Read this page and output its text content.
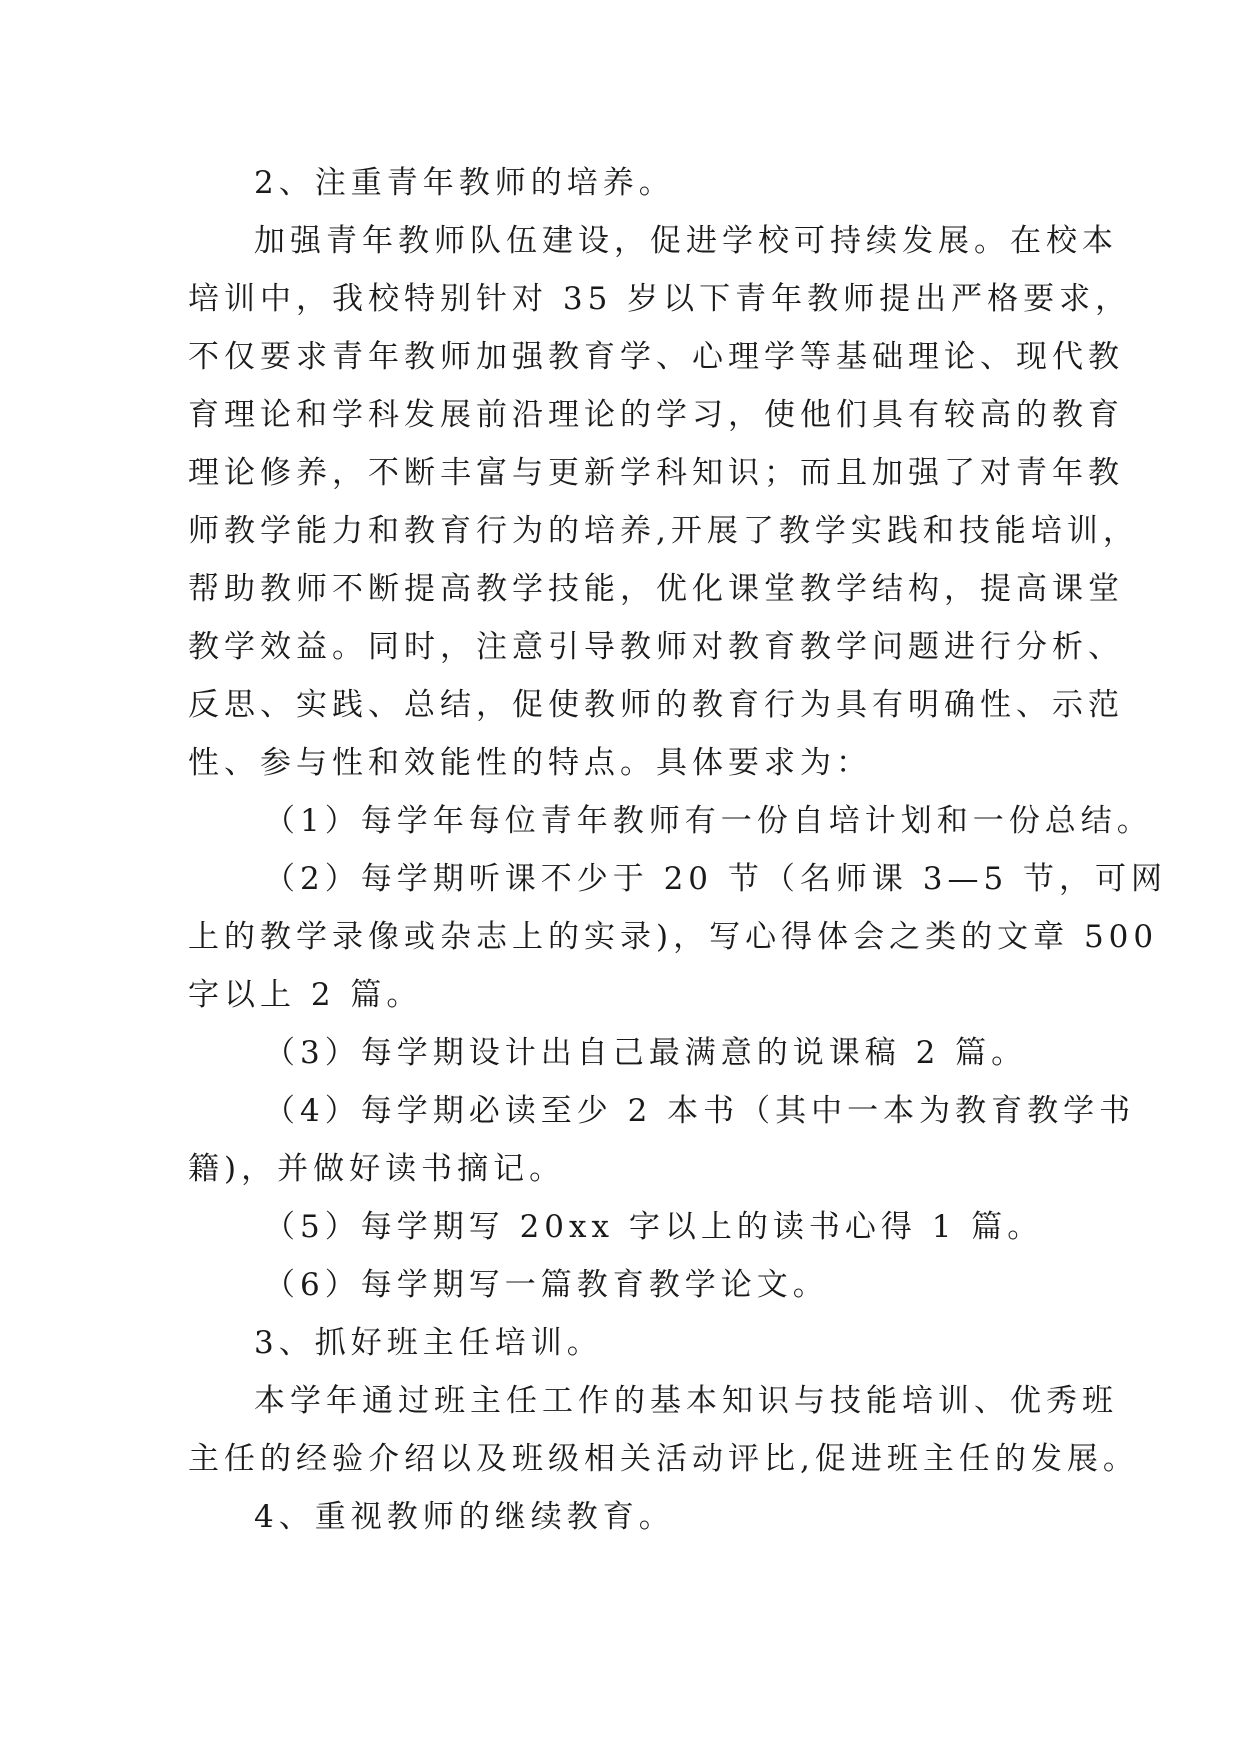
2、注重青年教师的培养。
加强青年教师队伍建设，促进学校可持续发展。在校本
培训中，我校特别针对 35 岁以下青年教师提出严格要求，
不仅要求青年教师加强教育学、心理学等基础理论、现代教
育理论和学科发展前沿理论的学习，使他们具有较高的教育
理论修养，不断丰富与更新学科知识；而且加强了对青年教
师教学能力和教育行为的培养,开展了教学实践和技能培训，
帮助教师不断提高教学技能，优化课堂教学结构，提高课堂
教学效益。同时，注意引导教师对教育教学问题进行分析、
反思、实践、总结，促使教师的教育行为具有明确性、示范
性、参与性和效能性的特点。具体要求为：
（1）每学年每位青年教师有一份自培计划和一份总结。
（2）每学期听课不少于 20 节（名师课 3—5 节，可网
上的教学录像或杂志上的实录)，写心得体会之类的文章 500
字以上 2 篇。
（3）每学期设计出自己最满意的说课稿 2 篇。
（4）每学期必读至少 2 本书（其中一本为教育教学书
籍)，并做好读书摘记。
（5）每学期写 20xx 字以上的读书心得 1 篇。
（6）每学期写一篇教育教学论文。
3、抓好班主任培训。
本学年通过班主任工作的基本知识与技能培训、优秀班
主任的经验介绍以及班级相关活动评比,促进班主任的发展。
4、重视教师的继续教育。
